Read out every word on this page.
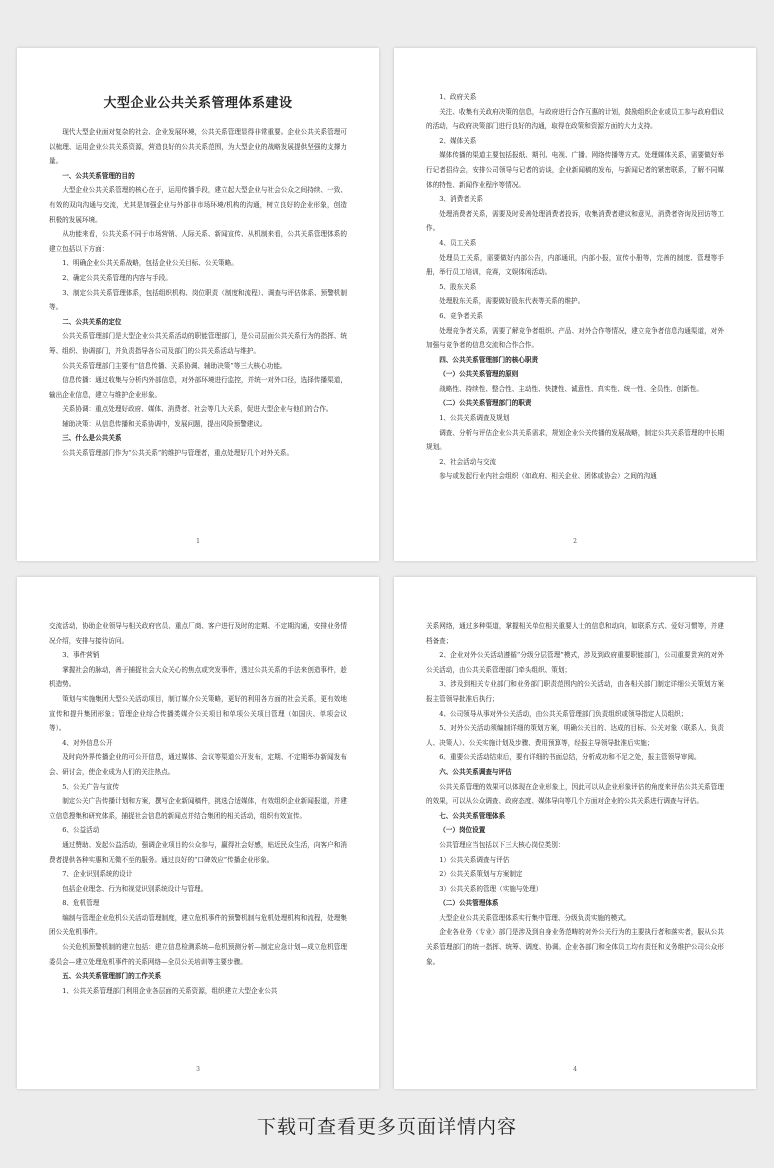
大型企业公共关系管理体系建设

现代大型企业面对复杂的社会、企业发展环境，公共关系管理显得非常重要。企业公共关系管理可以梳理、运用企业公共关系资源，营造良好的公共关系范围，为大型企业的战略发展提供坚强的支撑力量。

一、公共关系管理的目的

大型企业公共关系管理的核心在于，运用传播手段，建立起大型企业与社会公众之间持续、一致、有效的双向沟通与交流，尤其是加强企业与外部非市场环境/机构的沟通，树立良好的企业形象，创造积极的发展环境。

从功能来看，公共关系不同于市场营销、人际关系、新闻宣传、从机制来看，公共关系管理体系的建立包括以下方面：

1、明确企业公共关系战略，包括企业公关目标、公关策略。

2、确定公共关系管理的内容与手段。

3、制定公共关系管理体系，包括组织机构、岗位职责（制度和流程）、调查与评估体系、预警机制等。

二、公共关系的定位

公共关系管理部门是大型企业公共关系活动的职能管理部门，是公司层面公共关系行为的指挥、统筹、组织、协调部门，并负责指导各公司及部门的公共关系活动与维护。

公共关系管理部门主要有“信息传播、关系协调、辅助决策”等三大核心功能。

信息传播：通过收集与分析内外部信息，对外部环境进行监控，并统一对外口径，选择传播渠道，输出企业信息，建立与维护企业形象。

关系协调：重点处理好政府、媒体、消费者、社会等几大关系，促进大型企业与他们的合作。

辅助决策：从信息传播和关系协调中，发展问题，提出风险预警建议。

三、什么是公共关系

公共关系管理部门作为“公共关系”的维护与管理者，重点处理好几个对外关系。

1

1、政府关系

关注、收集有关政府决策的信息，与政府进行合作互惠的计划，鼓励组织企业或员工参与政府倡议的活动，与政府决策部门进行良好的沟通，取得在政策和资源方面的大力支持。

2、媒体关系

媒体传播的渠道主要包括报纸、期刊、电视、广播、网络传播等方式。处理媒体关系，需要做好举行记者招待会，安排公司领导与记者的访谈，企业新闻稿的发布，与新闻记者的紧密联系，了解不同媒体的特性、新闻作业程序等情况。

3、消费者关系

处理消费者关系，需要及时妥善处理消费者投诉，收集消费者建议和意见，消费者咨询及回访等工作。

4、员工关系

处理员工关系，需要做好内部公告，内部通讯，内部小报，宣传小册等，完善的制度、管理等手册，举行员工培训，竞赛，文娱体闲活动。

5、股东关系

处理股东关系，需要做好股东代表等关系的维护。

6、竞争者关系

处理竞争者关系，需要了解竞争者组织、产品、对外合作等情况，建立竞争者信息沟通渠道，对外加强与竞争者的信息交流和合作合作。

四、公共关系管理部门的核心职责

（一）公共关系管理的原则

战略性、持续性、整合性、主动性、快捷性、诚意性、真实性、统一性、全员性、创新性。

（二）公共关系管理部门的职责

1、公共关系调查及规划

调查、分析与评估企业公共关系需求，规划企业公关传播的发展战略，制定公共关系管理的中长期规划。

2、社会活动与交流

参与或发起行业内社会组织（如政府、相关企业、团体或协会）之间的沟通

2

交流活动，协助企业领导与相关政府官员、重点厂商、客户进行及时的定期、不定期沟通，安排业务情况介绍，安排与接待访问。

3、事件营销

掌握社会的脉动，善于捕捉社会大众关心的焦点或突发事件，透过公共关系的手法来创造事件，趁机造势。

策划与实施集团大型公关活动项目，制订媒介公关策略，更好的利用各方面的社会关系，更有效地宣传和提升集团形象；管理企业综合传播类媒介公关项目和单项公关项目管理（如国庆、单项会议等）。

4、对外信息公开

及时向外界传播企业的可公开信息，通过媒体、会议等渠道公开发布，定期、不定期举办新闻发布会、研讨会，使企业成为人们的关注热点。

5、公关广告与宣传

制定公关广告传播计划和方案，撰写企业新闻稿件，挑选合适媒体，有效组织企业新闻报道，并建立信息搜集和研究体系，捕捉社会信息的新闻点并结合集团的相关活动，组织有效宣传。

6、公益活动

通过赞助、发起公益活动，强调企业项目的公众参与，赢得社会好感，贴近民众生活，向客户和消费者提供各种实惠和无微不至的服务。通过良好的“口碑效应”传播企业形象。

7、企业识别系统的设计

包括企业理念、行为和视觉识别系统设计与管理。

8、危机管理

编制与管理企业危机公关活动管理制度，建立危机事件的预警机制与危机处理机构和流程，处理集团公关危机事件。

公关危机预警机制的建立包括：建立信息检测系统—危机预测分析—制定应急计划—成立危机管理委员会—建立处理危机事件的关系网络—全员公关培训等主要步骤。

五、公共关系管理部门的工作关系

1、公共关系管理部门利用企业各层面的关系资源，组织建立大型企业公共

3

关系网络，通过多种渠道，掌握相关单位相关重要人士的信息和动向，如联系方式、爱好习惯等，并建档备查；

2、企业对外公关活动遵循“分级分层管理”模式，涉及到政府重要职能部门，公司重要贵宾的对外公关活动，由公共关系管理部门牵头组织、策划；

3、涉及到相关专业部门和业务部门职责范围内的公关活动，由各相关部门制定详细公关策划方案报主管领导批准后执行；

4、公司领导从事对外公关活动，由公共关系管理部门负责组织或领导指定人员组织；

5、对外公关活动须编制详细的策划方案，明确公关目的、达成的目标、公关对象（联系人、负责人、决策人）、公关实施计划及步骤、费用预算等，经报主导领导批准后实施；

6、重要公关活动结束后，要有详细的书面总结，分析成功和不足之处，报主管领导审阅。

六、公共关系调查与评估

公共关系管理的效果可以体现在企业形象上，因此可以从企业形象评估的角度来评估公共关系管理的效果，可以从公众调查、政府态度、媒体导向等几个方面对企业的公共关系进行调查与评估。

七、公共关系管理体系

（一）岗位设置

公共管理应当包括以下三大核心岗位类别：

1）公共关系调查与评估

2）公共关系策划与方案制定

3）公共关系的管理（实施与处理）

（二）公共管理体系

大型企业公共关系管理体系实行集中管理、分级负责实施的模式。

企业各业务（专业）部门是涉及到自身业务范畴的对外公关行为的主要执行者和落实者，服从公共关系管理部门的统一指挥、统筹、调度、协调。企业各部门和全体员工均有责任和义务维护公司公众形象。

4
下载可查看更多页面详情内容
